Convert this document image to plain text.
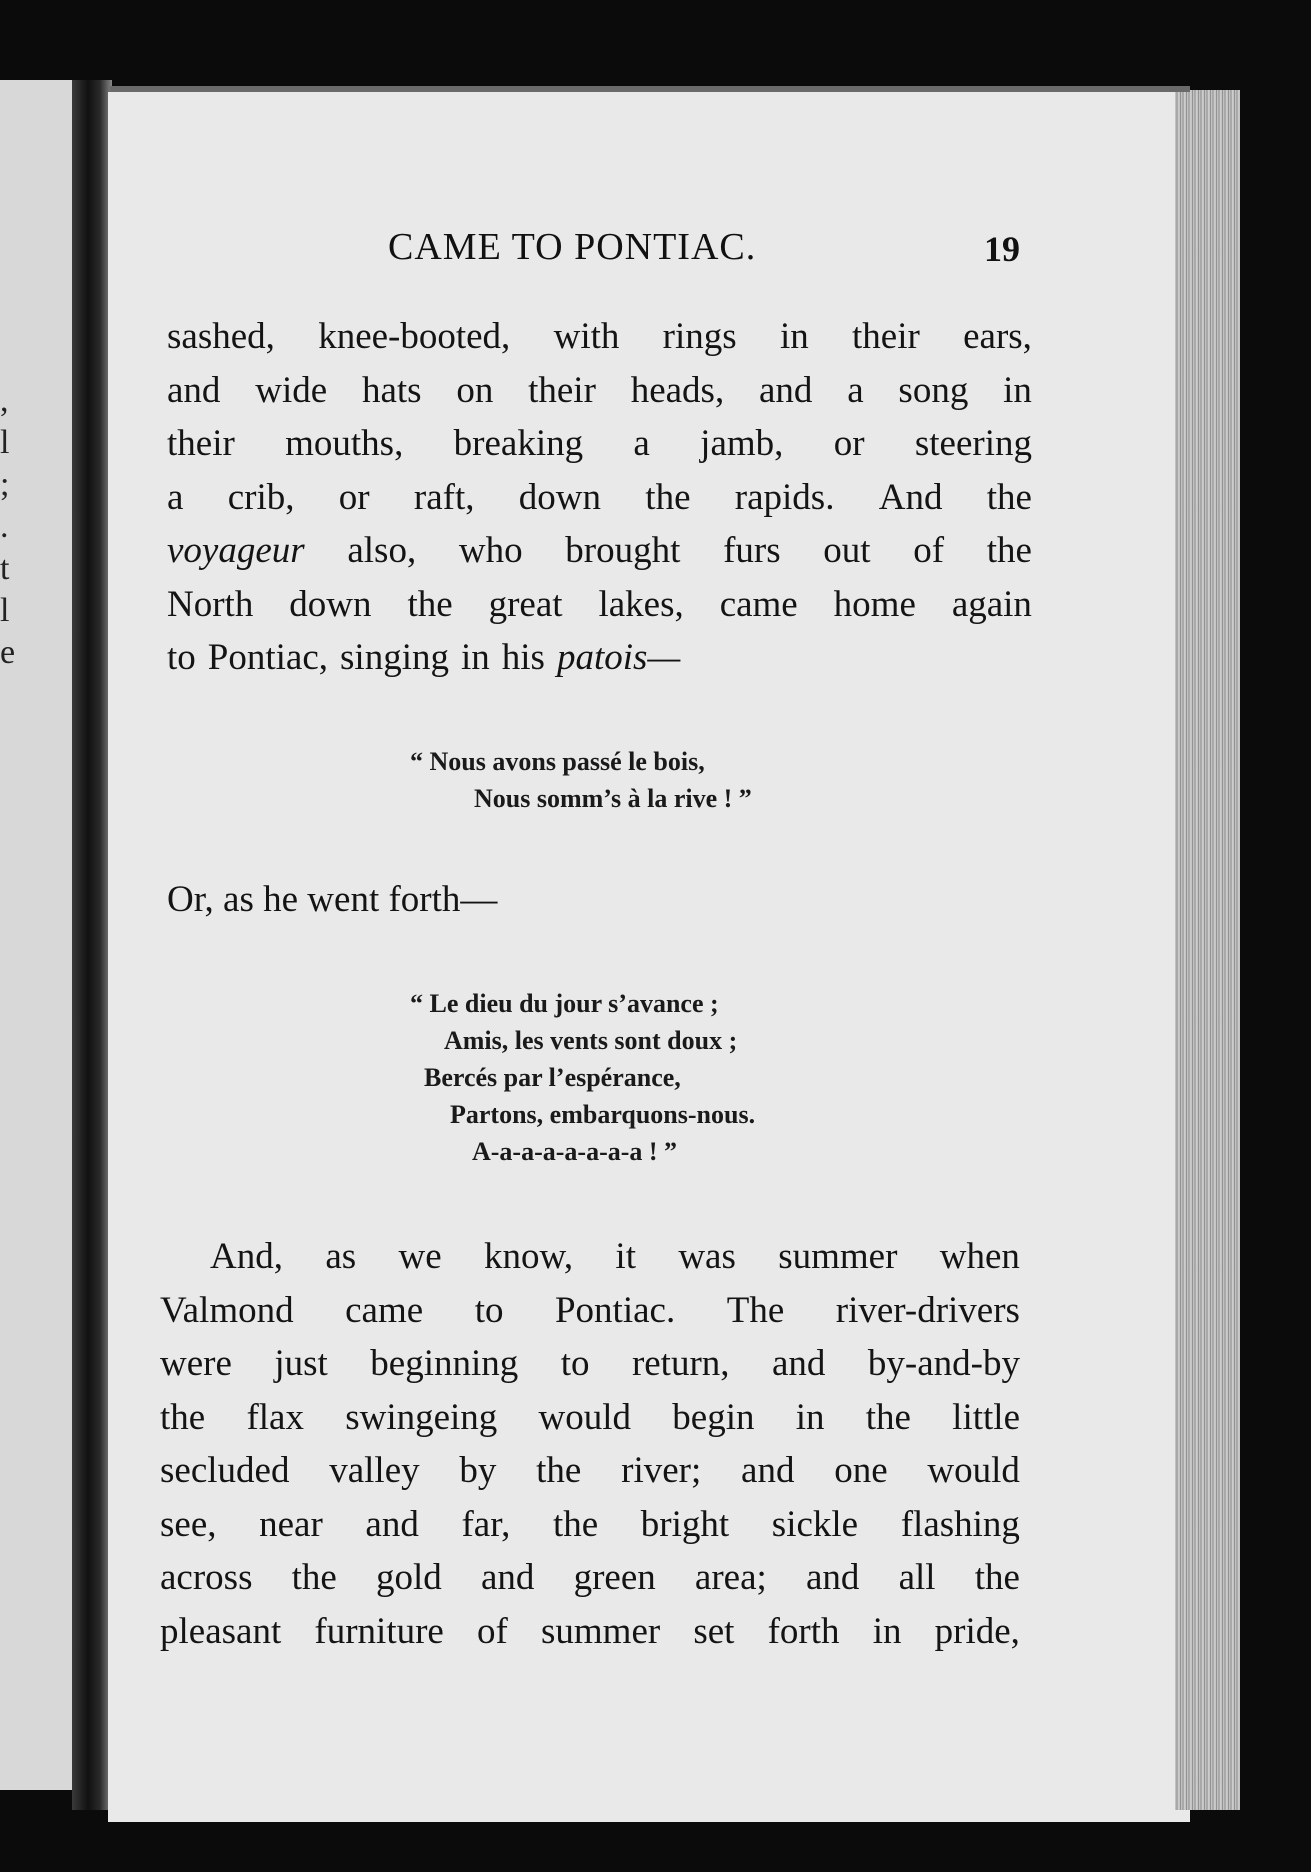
,
l
;
.
t
l
e
CAME TO PONTIAC.	19
sashed, knee-booted, with rings in their ears,
and wide hats on their heads, and a song in
their mouths, breaking a jamb, or steering
a crib, or raft, down the rapids. And the
voyageur also, who brought furs out of the
North down the great lakes, came home again
to Pontiac, singing in his patois—
“ Nous avons passé le bois,
Nous somm’s à la rive ! ”
Or, as he went forth—
“ Le dieu du jour s’avance ;
Amis, les vents sont doux ;
Bercés par l’espérance,
Partons, embarquons-nous.
A-a-a-a-a-a-a-a ! ”
And, as we know, it was summer when
Valmond came to Pontiac. The river-drivers
were just beginning to return, and by-and-by
the flax swingeing would begin in the little
secluded valley by the river; and one would
see, near and far, the bright sickle flashing
across the gold and green area; and all the
pleasant furniture of summer set forth in pride,
